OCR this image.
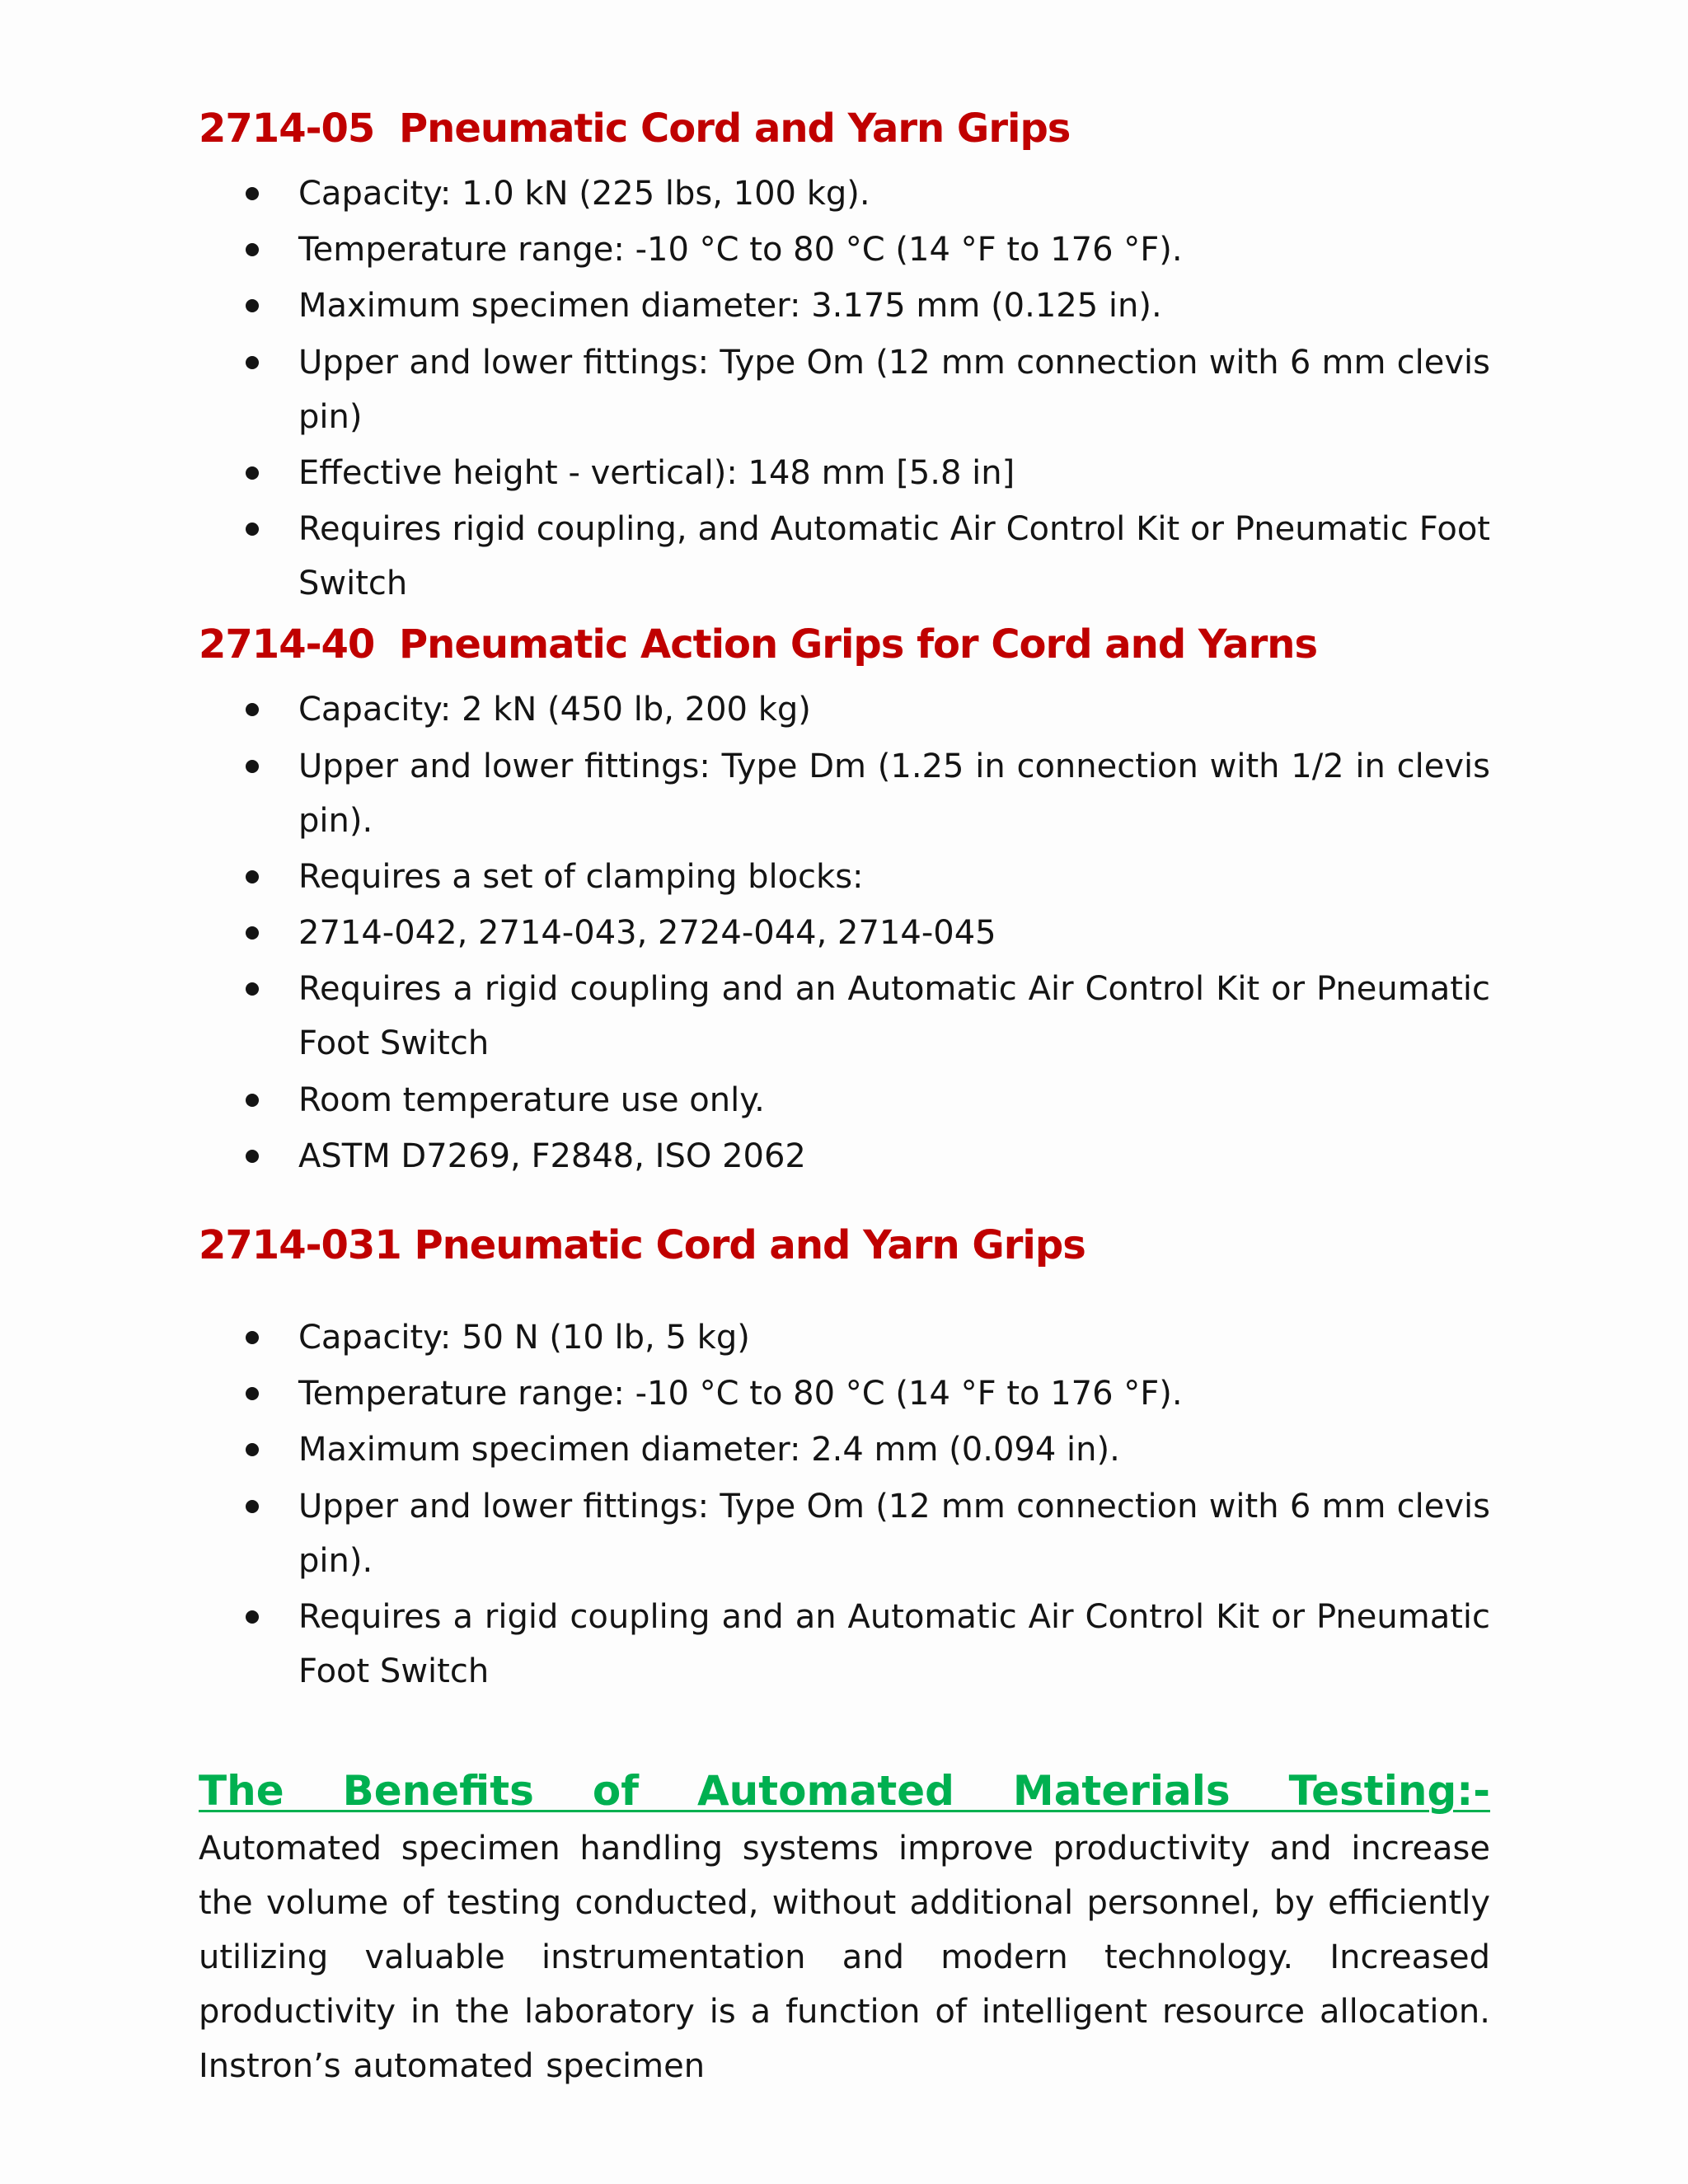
2714-05 Pneumatic Cord and Yarn Grips
Capacity: 1.0 kN (225 lbs, 100 kg).
Temperature range: -10 °C to 80 °C (14 °F to 176 °F).
Maximum specimen diameter: 3.175 mm (0.125 in).
Upper and lower fittings: Type Om (12 mm connection with 6 mm clevis pin)
Effective height - vertical): 148 mm [5.8 in]
Requires rigid coupling, and Automatic Air Control Kit or Pneumatic Foot Switch
2714-40 Pneumatic Action Grips for Cord and Yarns
Capacity: 2 kN (450 lb, 200 kg)
Upper and lower fittings: Type Dm (1.25 in connection with 1/2 in clevis pin).
Requires a set of clamping blocks:
2714-042, 2714-043, 2724-044, 2714-045
Requires a rigid coupling and an Automatic Air Control Kit or Pneumatic Foot Switch
Room temperature use only.
ASTM D7269, F2848, ISO 2062
2714-031 Pneumatic Cord and Yarn Grips
Capacity: 50 N (10 lb, 5 kg)
Temperature range: -10 °C to 80 °C (14 °F to 176 °F).
Maximum specimen diameter: 2.4 mm (0.094 in).
Upper and lower fittings: Type Om (12 mm connection with 6 mm clevis pin).
Requires a rigid coupling and an Automatic Air Control Kit or Pneumatic Foot Switch

The Benefits of Automated Materials Testing:- Automated specimen handling systems improve productivity and increase the volume of testing conducted, without additional personnel, by efficiently utilizing valuable instrumentation and modern technology. Increased productivity in the laboratory is a function of intelligent resource allocation. Instron’s automated specimen
